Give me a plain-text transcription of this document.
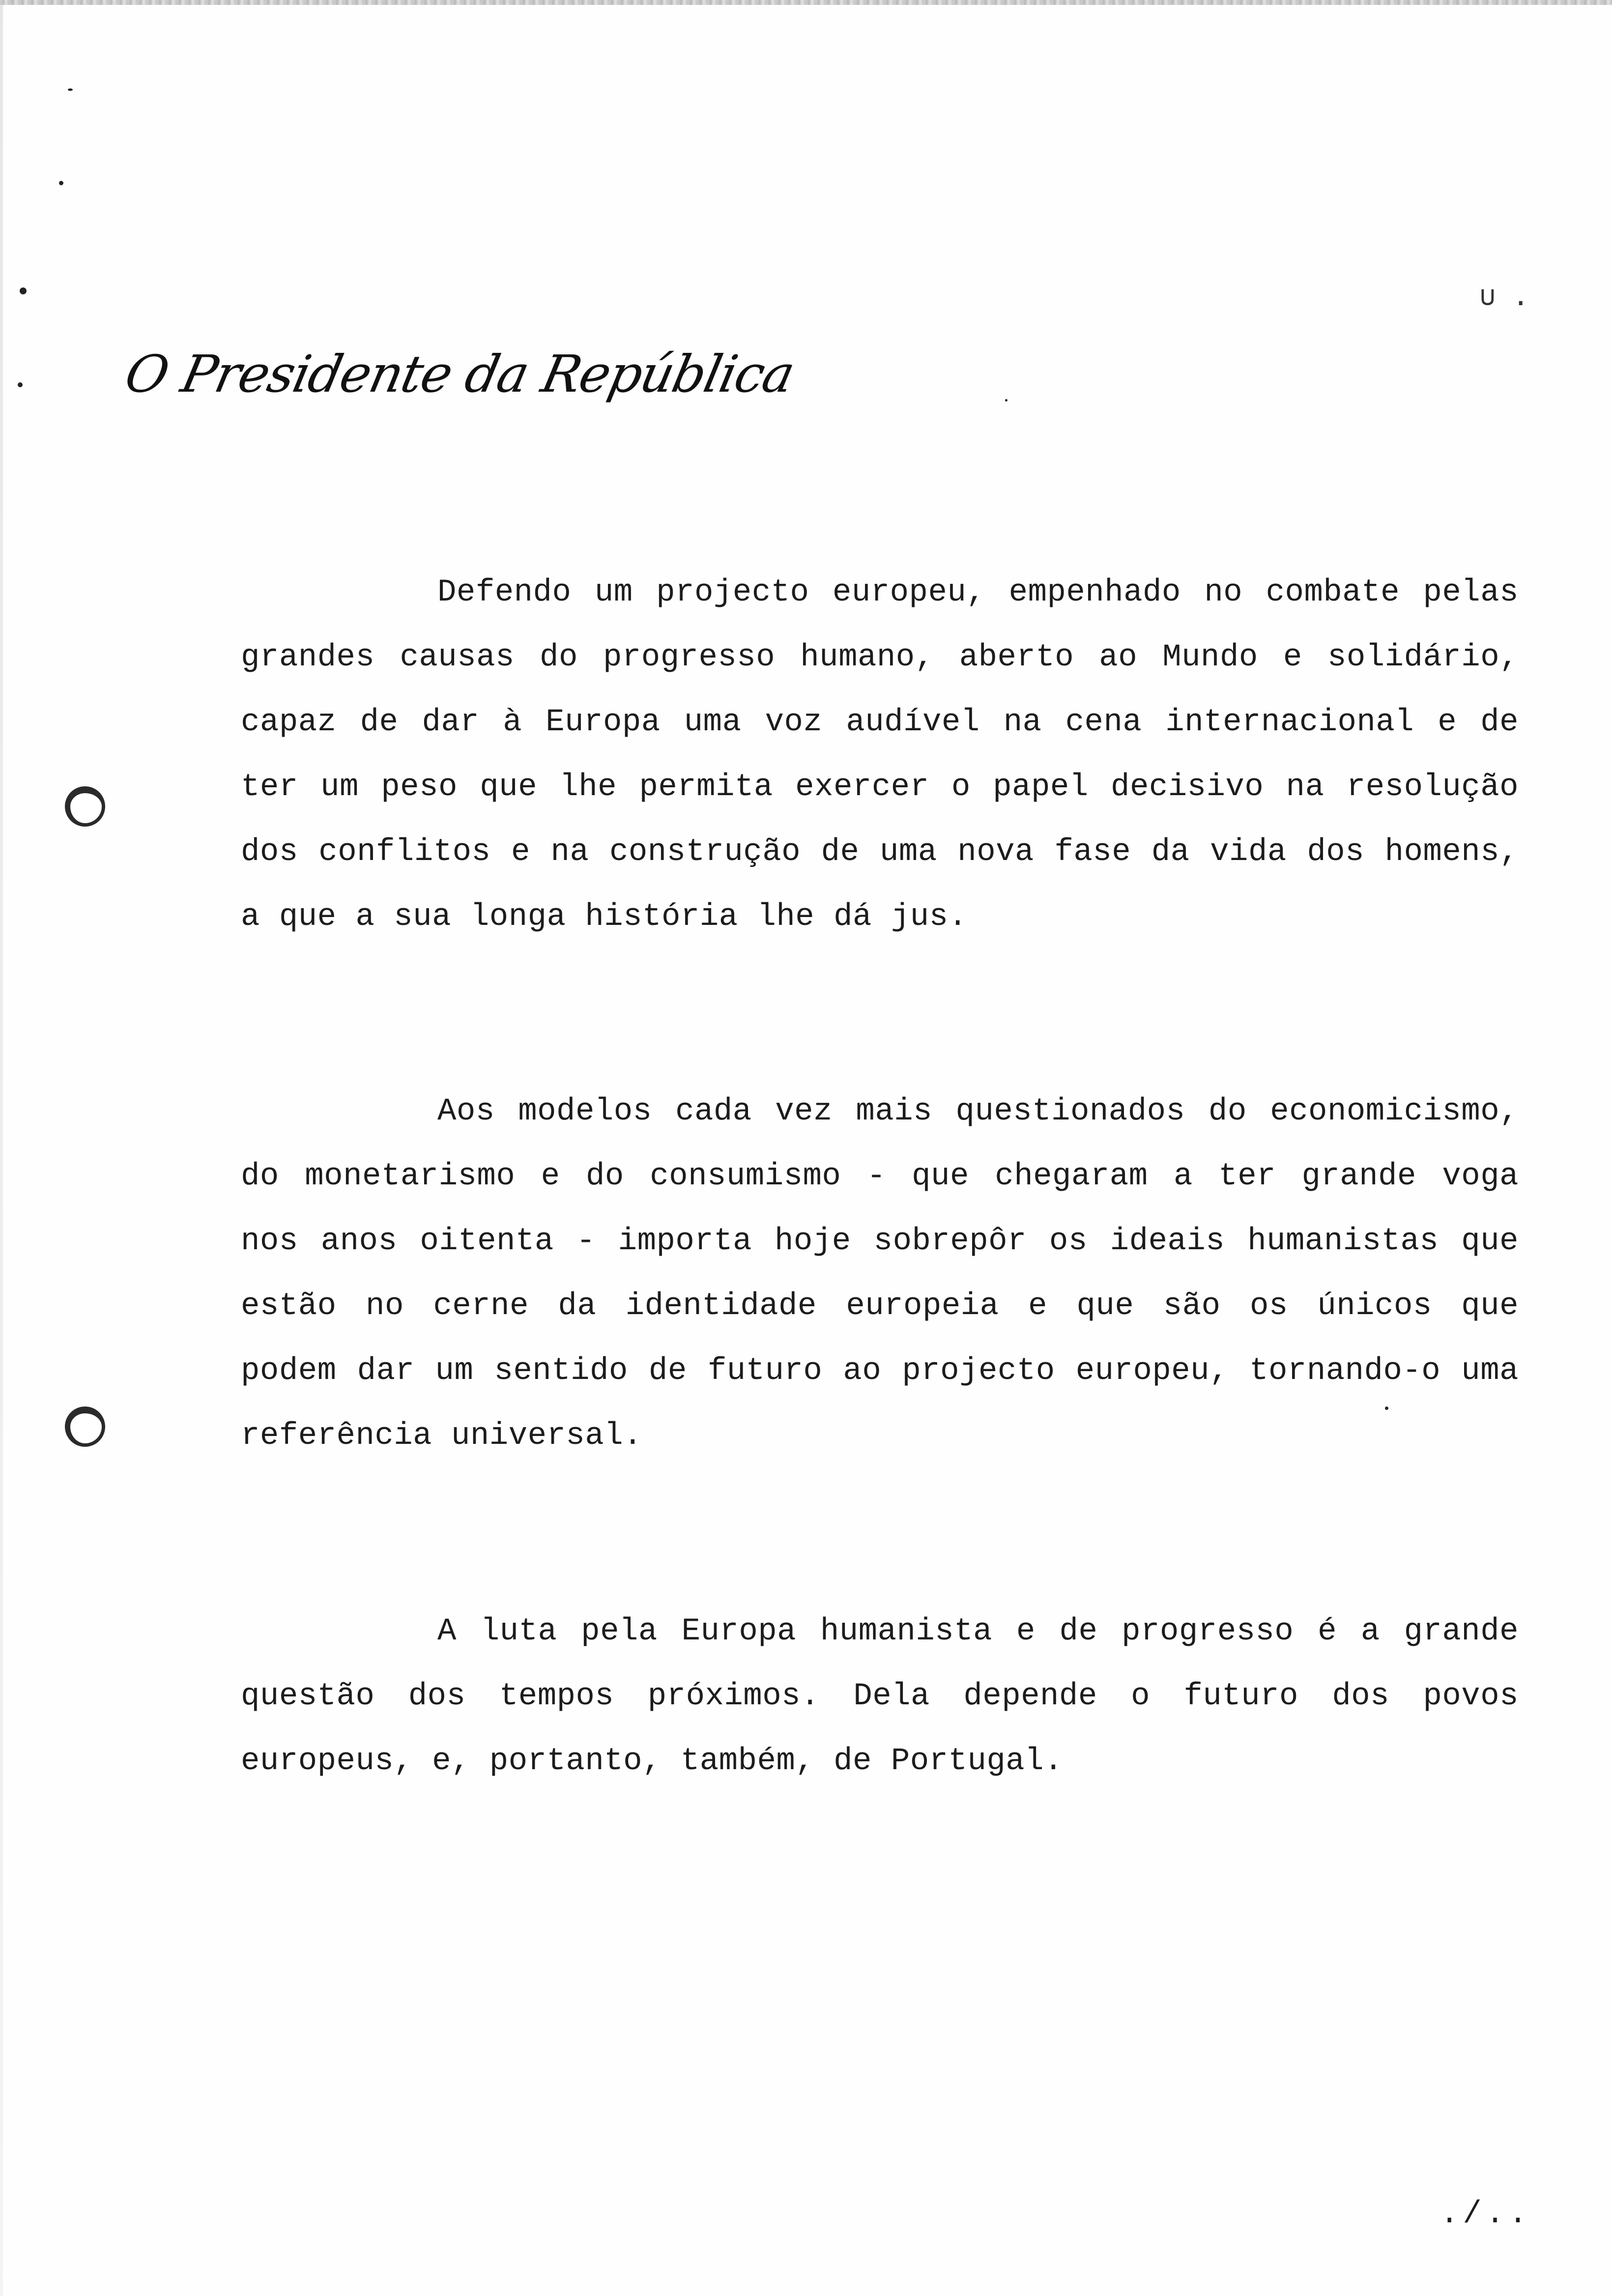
O Presidente da República
∪ .

Defendo um projecto europeu, empenhado no combate pelas grandes causas do progresso humano, aberto ao Mundo e solidário, capaz de dar à Europa uma voz audível na cena internacional e de ter um peso que lhe permita exercer o papel decisivo na resolução dos conflitos e na construção de uma nova fase da vida dos homens, a que a sua longa história lhe dá jus.

Aos modelos cada vez mais questionados do economicismo, do monetarismo e do consumismo - que chegaram a ter grande voga nos anos oitenta - importa hoje sobrepôr os ideais humanistas que estão no cerne da identidade europeia e que são os únicos que podem dar um sentido de futuro ao projecto europeu, tornando-o uma referência universal.

A luta pela Europa humanista e de progresso é a grande questão dos tempos próximos. Dela depende o futuro dos povos europeus, e, portanto, também, de Portugal.

./..
